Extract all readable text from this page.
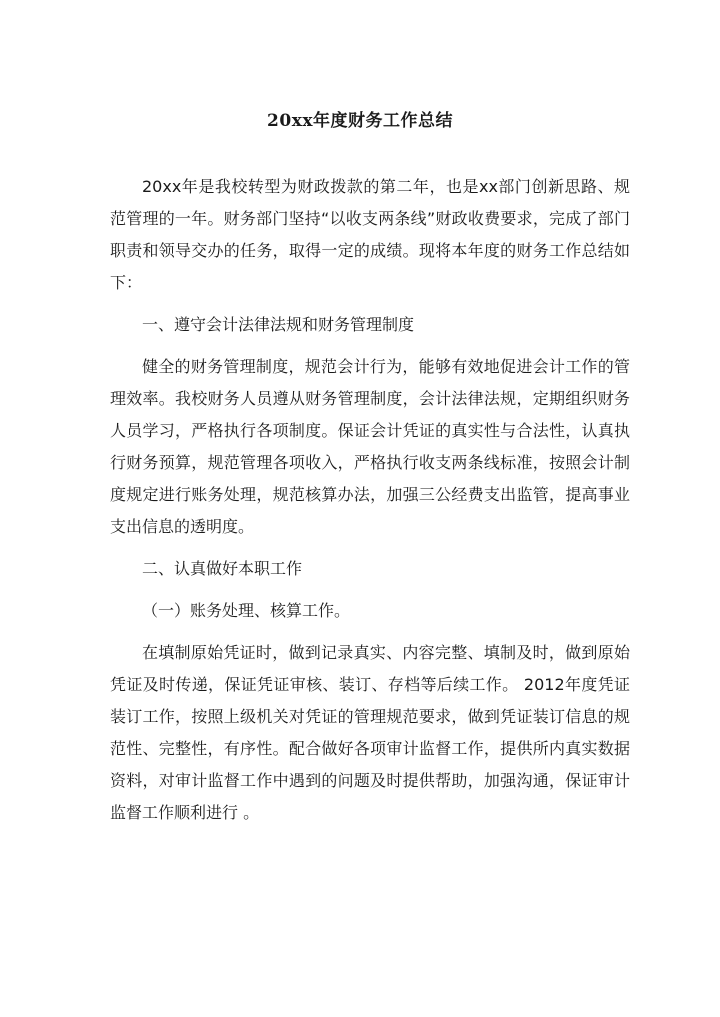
20xx年度财务工作总结

20xx年是我校转型为财政拨款的第二年，也是xx部门创新思路、规范管理的一年。财务部门坚持“以收支两条线”财政收费要求，完成了部门职责和领导交办的任务，取得一定的成绩。现将本年度的财务工作总结如下：

一、遵守会计法律法规和财务管理制度

健全的财务管理制度，规范会计行为，能够有效地促进会计工作的管理效率。我校财务人员遵从财务管理制度，会计法律法规，定期组织财务人员学习，严格执行各项制度。保证会计凭证的真实性与合法性，认真执行财务预算，规范管理各项收入，严格执行收支两条线标准，按照会计制度规定进行账务处理，规范核算办法，加强三公经费支出监管，提高事业支出信息的透明度。

二、认真做好本职工作

（一）账务处理、核算工作。

在填制原始凭证时，做到记录真实、内容完整、填制及时，做到原始凭证及时传递，保证凭证审核、装订、存档等后续工作。 2012年度凭证装订工作，按照上级机关对凭证的管理规范要求，做到凭证装订信息的规范性、完整性，有序性。配合做好各项审计监督工作，提供所内真实数据资料，对审计监督工作中遇到的问题及时提供帮助，加强沟通，保证审计监督工作顺利进行 。
